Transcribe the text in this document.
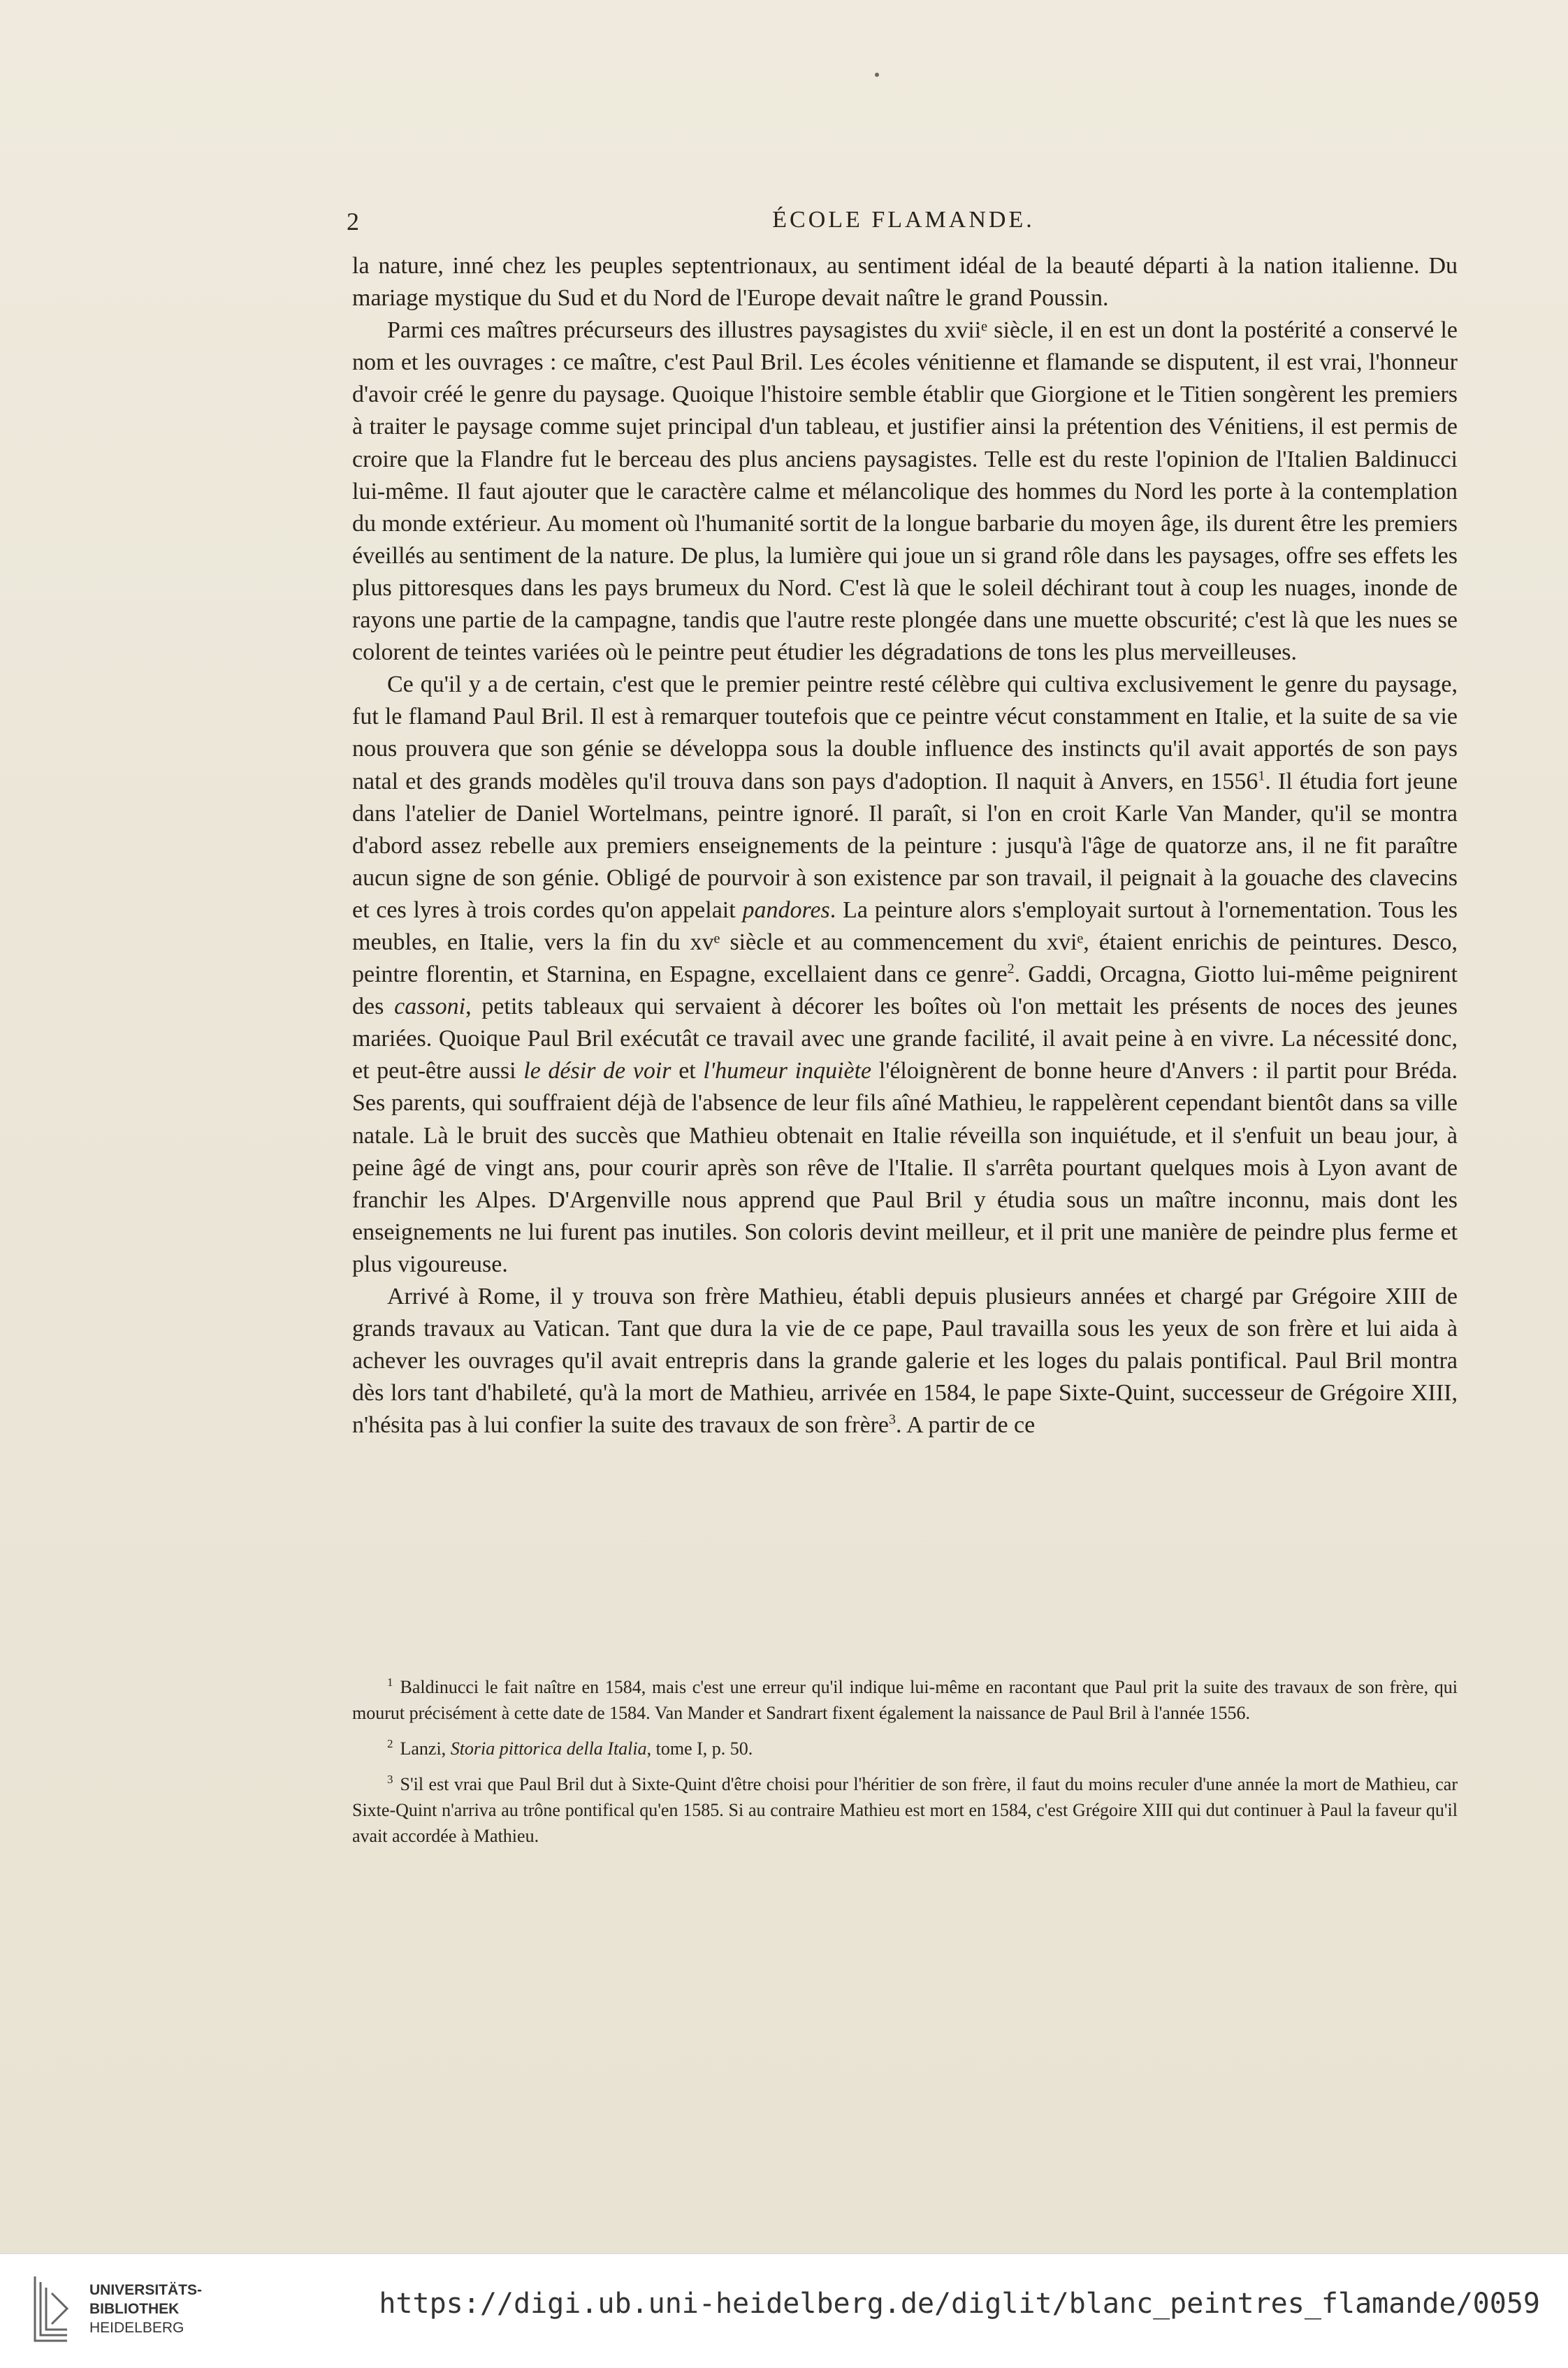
2	ÉCOLE FLAMANDE.

la nature, inné chez les peuples septentrionaux, au sentiment idéal de la beauté départi à la nation italienne. Du mariage mystique du Sud et du Nord de l'Europe devait naître le grand Poussin.

Parmi ces maîtres précurseurs des illustres paysagistes du xviiᵉ siècle, il en est un dont la postérité a conservé le nom et les ouvrages : ce maître, c'est Paul Bril. Les écoles vénitienne et flamande se disputent, il est vrai, l'honneur d'avoir créé le genre du paysage. Quoique l'histoire semble établir que Giorgione et le Titien songèrent les premiers à traiter le paysage comme sujet principal d'un tableau, et justifier ainsi la prétention des Vénitiens, il est permis de croire que la Flandre fut le berceau des plus anciens paysagistes. Telle est du reste l'opinion de l'Italien Baldinucci lui-même. Il faut ajouter que le caractère calme et mélancolique des hommes du Nord les porte à la contemplation du monde extérieur. Au moment où l'humanité sortit de la longue barbarie du moyen âge, ils durent être les premiers éveillés au sentiment de la nature. De plus, la lumière qui joue un si grand rôle dans les paysages, offre ses effets les plus pittoresques dans les pays brumeux du Nord. C'est là que le soleil déchirant tout à coup les nuages, inonde de rayons une partie de la campagne, tandis que l'autre reste plongée dans une muette obscurité; c'est là que les nues se colorent de teintes variées où le peintre peut étudier les dégradations de tons les plus merveilleuses.

Ce qu'il y a de certain, c'est que le premier peintre resté célèbre qui cultiva exclusivement le genre du paysage, fut le flamand Paul Bril. Il est à remarquer toutefois que ce peintre vécut constamment en Italie, et la suite de sa vie nous prouvera que son génie se développa sous la double influence des instincts qu'il avait apportés de son pays natal et des grands modèles qu'il trouva dans son pays d'adoption. Il naquit à Anvers, en 1556$^1$. Il étudia fort jeune dans l'atelier de Daniel Wortelmans, peintre ignoré. Il paraît, si l'on en croit Karle Van Mander, qu'il se montra d'abord assez rebelle aux premiers enseignements de la peinture : jusqu'à l'âge de quatorze ans, il ne fit paraître aucun signe de son génie. Obligé de pourvoir à son existence par son travail, il peignait à la gouache des clavecins et ces lyres à trois cordes qu'on appelait pandores. La peinture alors s'employait surtout à l'ornementation. Tous les meubles, en Italie, vers la fin du xvᵉ siècle et au commencement du xviᵉ, étaient enrichis de peintures. Desco, peintre florentin, et Starnina, en Espagne, excellaient dans ce genre$^2$. Gaddi, Orcagna, Giotto lui-même peignirent des cassoni, petits tableaux qui servaient à décorer les boîtes où l'on mettait les présents de noces des jeunes mariées. Quoique Paul Bril exécutât ce travail avec une grande facilité, il avait peine à en vivre. La nécessité donc, et peut-être aussi le désir de voir et l'humeur inquiète l'éloignèrent de bonne heure d'Anvers : il partit pour Bréda. Ses parents, qui souffraient déjà de l'absence de leur fils aîné Mathieu, le rappelèrent cependant bientôt dans sa ville natale. Là le bruit des succès que Mathieu obtenait en Italie réveilla son inquiétude, et il s'enfuit un beau jour, à peine âgé de vingt ans, pour courir après son rêve de l'Italie. Il s'arrêta pourtant quelques mois à Lyon avant de franchir les Alpes. D'Argenville nous apprend que Paul Bril y étudia sous un maître inconnu, mais dont les enseignements ne lui furent pas inutiles. Son coloris devint meilleur, et il prit une manière de peindre plus ferme et plus vigoureuse.

Arrivé à Rome, il y trouva son frère Mathieu, établi depuis plusieurs années et chargé par Grégoire XIII de grands travaux au Vatican. Tant que dura la vie de ce pape, Paul travailla sous les yeux de son frère et lui aida à achever les ouvrages qu'il avait entrepris dans la grande galerie et les loges du palais pontifical. Paul Bril montra dès lors tant d'habileté, qu'à la mort de Mathieu, arrivée en 1584, le pape Sixte-Quint, successeur de Grégoire XIII, n'hésita pas à lui confier la suite des travaux de son frère$^3$. A partir de ce

$^1$ Baldinucci le fait naître en 1584, mais c'est une erreur qu'il indique lui-même en racontant que Paul prit la suite des travaux de son frère, qui mourut précisément à cette date de 1584. Van Mander et Sandrart fixent également la naissance de Paul Bril à l'année 1556.

$^2$ Lanzi, Storia pittorica della Italia, tome I, p. 50.

$^3$ S'il est vrai que Paul Bril dut à Sixte-Quint d'être choisi pour l'héritier de son frère, il faut du moins reculer d'une année la mort de Mathieu, car Sixte-Quint n'arriva au trône pontifical qu'en 1585. Si au contraire Mathieu est mort en 1584, c'est Grégoire XIII qui dut continuer à Paul la faveur qu'il avait accordée à Mathieu.

UNIVERSITÄTS-
BIBLIOTHEK
HEIDELBERG
https://digi.ub.uni-heidelberg.de/diglit/blanc_peintres_flamande/0059
